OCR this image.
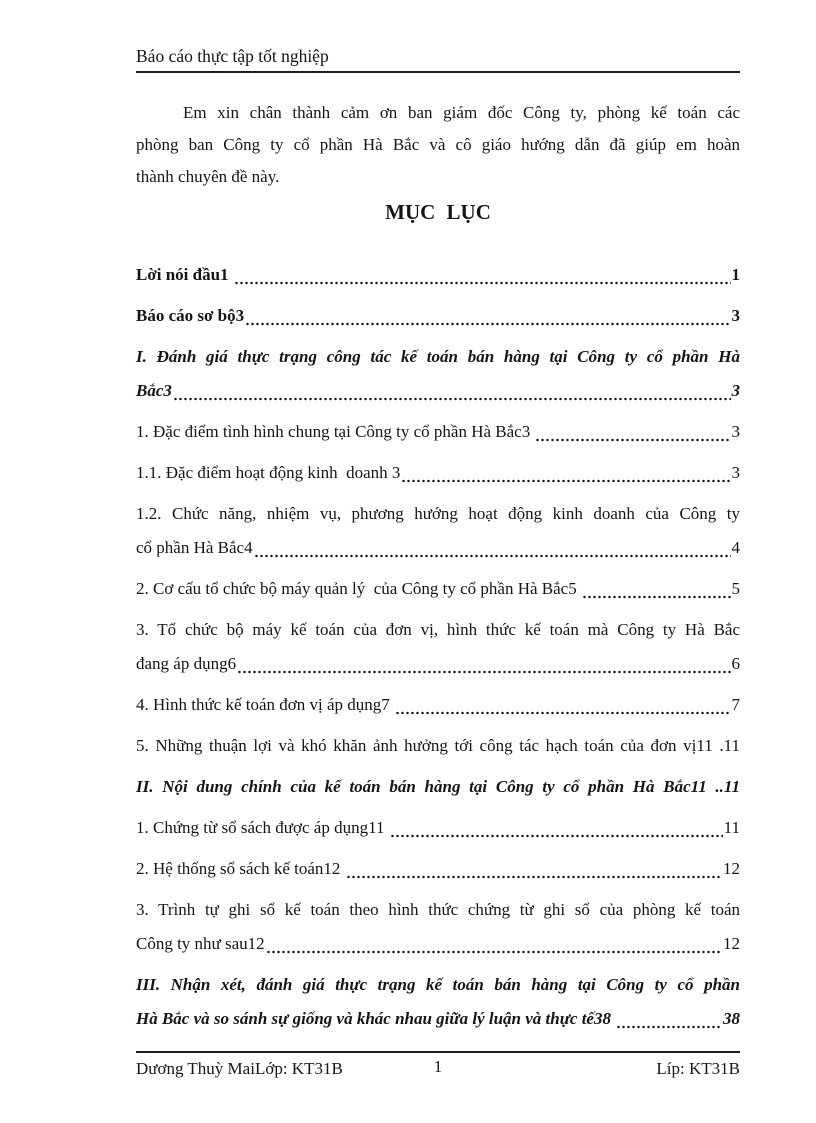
Báo cáo thực tập tốt nghiệp
Em xin chân thành cảm ơn ban giám đốc Công ty, phòng kế toán các
phòng ban Công ty cổ phần Hà Bắc và cô giáo hướng dẫn đã giúp em hoàn
thành chuyên đề này.
MỤC LỤC
Lời nói đầu1	1
Báo cáo sơ bộ3	3
I. Đánh giá thực trạng công tác kế toán bán hàng tại Công ty cổ phần Hà
Bắc3	3
1. Đặc điểm tình hình chung tại Công ty cổ phần Hà Bắc3	3
1.1. Đặc điểm hoạt động kinh  doanh 3	3
1.2. Chức năng, nhiệm vụ, phương hướng hoạt động kinh doanh của Công ty
cổ phần Hà Bắc4	4
2. Cơ cấu tổ chức bộ máy quản lý  của Công ty cổ phần Hà Bắc5	5
3. Tổ chức bộ máy kế toán của đơn vị, hình thức kế toán mà Công ty Hà Bắc
đang áp dụng6	6
4. Hình thức kế toán đơn vị áp dụng7	7
5. Những thuận lợi và khó khăn ảnh hưởng tới công tác hạch toán của đơn vị11 .11
II. Nội dung chính của kế toán bán hàng tại Công ty cổ phần Hà Bắc11 ..11
1. Chứng từ sổ sách được áp dụng11	11
2. Hệ thống sổ sách kế toán12	12
3. Trình tự ghi sổ kế toán theo hình thức chứng từ ghi sổ của phòng kế toán
Công ty như sau12	12
III. Nhận xét, đánh giá thực trạng kế toán bán hàng tại Công ty cổ phần
Hà Bắc và so sánh sự giống và khác nhau giữa lý luận và thực tế38	38
Dương Thuỳ MaiLớp: KT31B	1	Líp: KT31B
